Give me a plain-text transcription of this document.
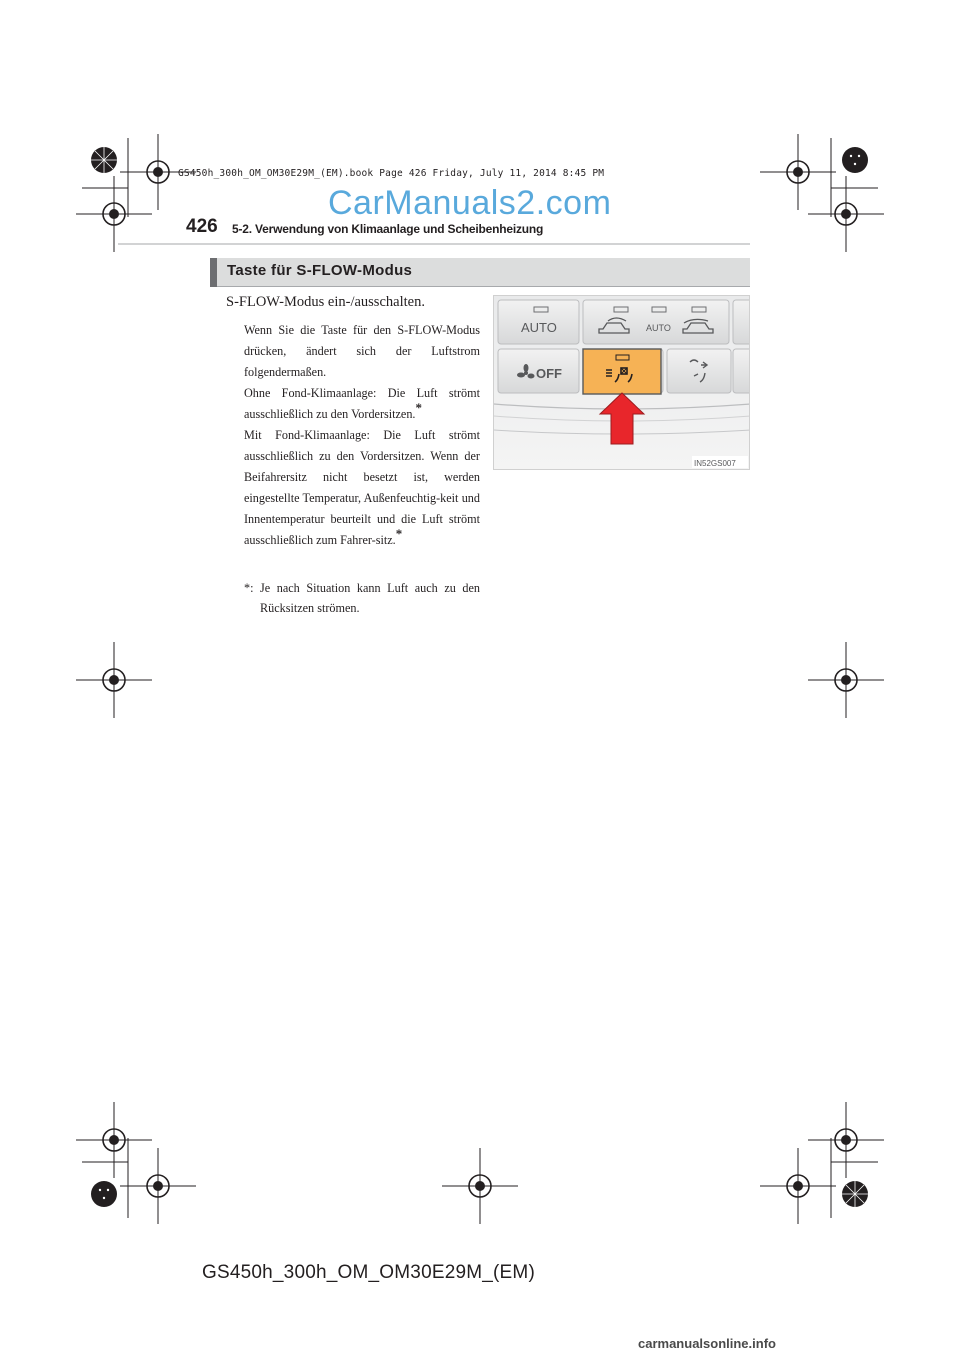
GS450h_300h_OM_OM30E29M_(EM).book Page 426 Friday, July 11, 2014 8:45 PM
CarManuals2.com
426 5-2. Verwendung von Klimaanlage und Scheibenheizung
Taste für S-FLOW-Modus
S-FLOW-Modus ein-/ausschalten.

Wenn Sie die Taste für den S-FLOW-Modus drücken, ändert sich der Luftstrom folgendermaßen.

Ohne Fond-Klimaanlage: Die Luft strömt ausschließlich zu den Vordersitzen.*

Mit Fond-Klimaanlage: Die Luft strömt ausschließlich zu den Vordersitzen. Wenn der Beifahrersitz nicht besetzt ist, werden eingestellte Temperatur, Außenfeuchtig-keit und Innentemperatur beurteilt und die Luft strömt ausschließlich zum Fahrer-sitz.*

*: Je nach Situation kann Luft auch zu den Rücksitzen strömen.
AUTO	AUTO
OFF
IN52GS007
GS450h_300h_OM_OM30E29M_(EM)
carmanualsonline.info
